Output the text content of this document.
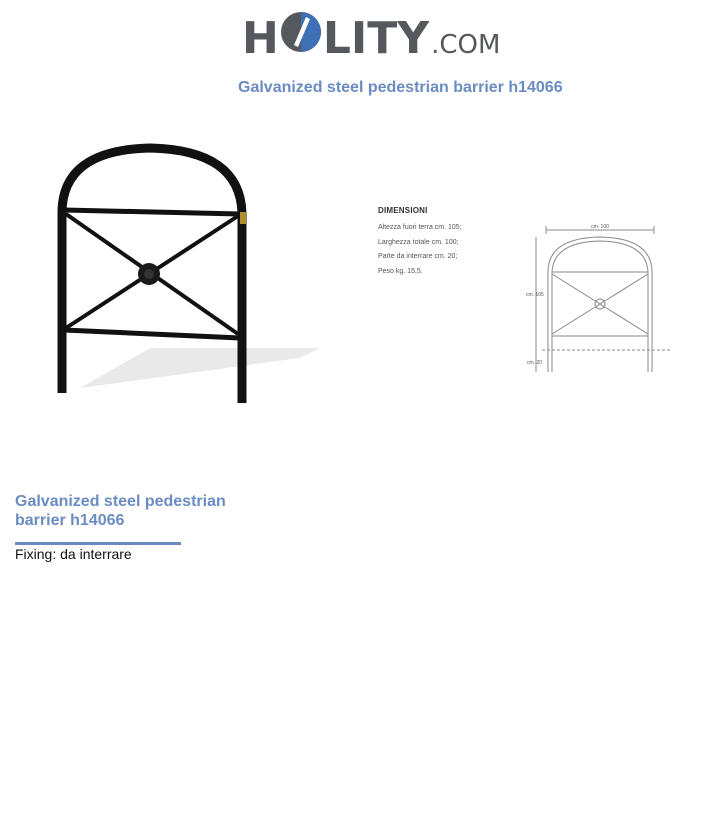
H LITY .COM
Galvanized steel pedestrian barrier h14066
DIMENSIONI
Altezza fuori terra cm. 105;
Larghezza totale cm. 100;
Parte da interrare cm. 20;
Peso kg. 15,5.
cm. 100
cm. 105
cm. 20
Galvanized steel pedestrian barrier h14066
Fixing: da interrare
